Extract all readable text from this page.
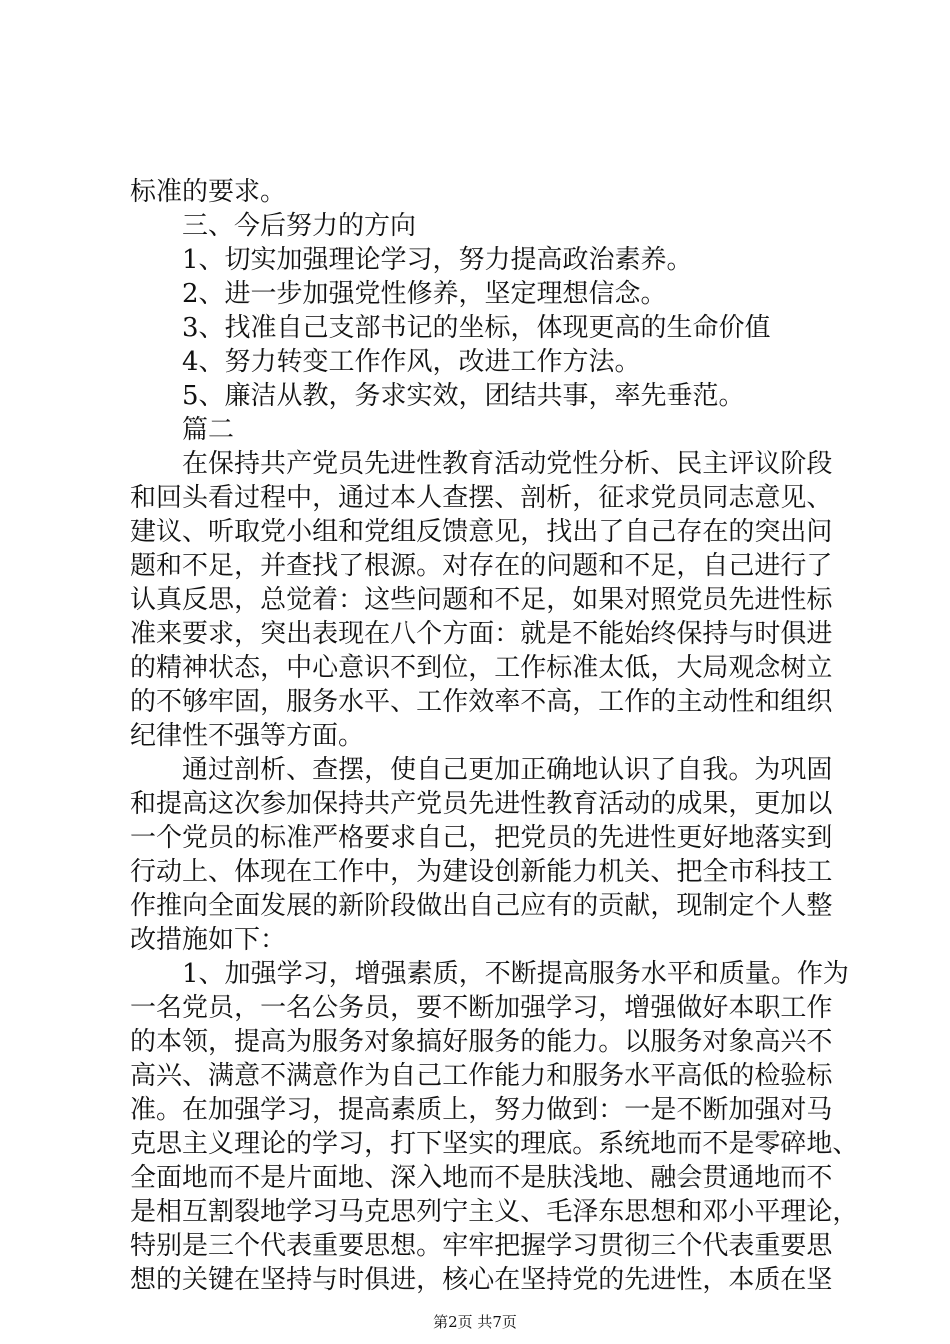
标准的要求。
三、今后努力的方向
1、切实加强理论学习，努力提高政治素养。
2、进一步加强党性修养，坚定理想信念。
3、找准自己支部书记的坐标，体现更高的生命价值
4、努力转变工作作风，改进工作方法。
5、廉洁从教，务求实效，团结共事，率先垂范。
篇二
在 保 持 共 产 党 员 先 进 性 教 育 活 动 党 性 分 析 、 民 主 评 议 阶 段
和 回 头 看 过 程 中 ， 通 过 本 人 查 摆 、 剖 析 ， 征 求 党 员 同 志 意 见 、
建 议 、 听 取 党 小 组 和 党 组 反 馈 意 见 ， 找 出 了 自 己 存 在 的 突 出 问
题 和 不 足 ， 并 查 找 了 根 源 。 对 存 在 的 问 题 和 不 足 ， 自 己 进 行 了
认 真 反 思 ， 总 觉 着 ： 这 些 问 题 和 不 足 ， 如 果 对 照 党 员 先 进 性 标
准 来 要 求 ， 突 出 表 现 在 八 个 方 面 ： 就 是 不 能 始 终 保 持 与 时 俱 进
的 精 神 状 态 ， 中 心 意 识 不 到 位 ， 工 作 标 准 太 低 ， 大 局 观 念 树 立
的 不 够 牢 固 ， 服 务 水 平 、 工 作 效 率 不 高 ， 工 作 的 主 动 性 和 组 织
纪律性不强等方面。
通 过 剖 析 、 查 摆 ， 使 自 己 更 加 正 确 地 认 识 了 自 我 。 为 巩 固
和 提 高 这 次 参 加 保 持 共 产 党 员 先 进 性 教 育 活 动 的 成 果 ， 更 加 以
一 个 党 员 的 标 准 严 格 要 求 自 己 ， 把 党 员 的 先 进 性 更 好 地 落 实 到
行 动 上 、 体 现 在 工 作 中 ， 为 建 设 创 新 能 力 机 关 、 把 全 市 科 技 工
作 推 向 全 面 发 展 的 新 阶 段 做 出 自 己 应 有 的 贡 献 ， 现 制 定 个 人 整
改措施如下：
1 、 加 强 学 习 ， 增 强 素 质 ， 不 断 提 高 服 务 水 平 和 质 量 。 作 为
一 名 党 员 ， 一 名 公 务 员 ， 要 不 断 加 强 学 习 ， 增 强 做 好 本 职 工 作
的 本 领 ， 提 高 为 服 务 对 象 搞 好 服 务 的 能 力 。 以 服 务 对 象 高 兴 不
高 兴 、 满 意 不 满 意 作 为 自 己 工 作 能 力 和 服 务 水 平 高 低 的 检 验 标
准 。 在 加 强 学 习 ， 提 高 素 质 上 ， 努 力 做 到 ： 一 是 不 断 加 强 对 马
克 思 主 义 理 论 的 学 习 ， 打 下 坚 实 的 理 底 。 系 统 地 而 不 是 零 碎 地 、
全 面 地 而 不 是 片 面 地 、 深 入 地 而 不 是 肤 浅 地 、 融 会 贯 通 地 而 不
是 相 互 割 裂 地 学 习 马 克 思 列 宁 主 义 、 毛 泽 东 思 想 和 邓 小 平 理 论 ，
特 别 是 三 个 代 表 重 要 思 想 。 牢 牢 把 握 学 习 贯 彻 三 个 代 表 重 要 思
想 的 关 键 在 坚 持 与 时 俱 进 ， 核 心 在 坚 持 党 的 先 进 性 ， 本 质 在 坚
第2页 共7页
